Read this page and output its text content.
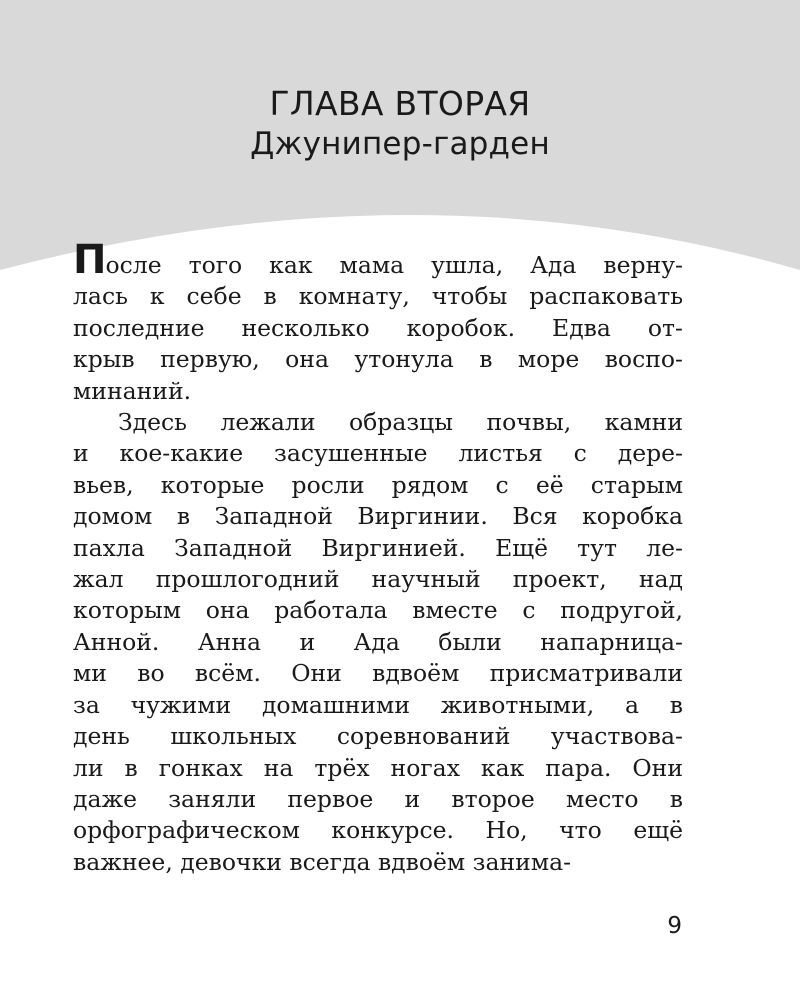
ГЛАВА ВТОРАЯ
Джунипер-гарден

После того как мама ушла, Ада верну-
лась к себе в комнату, чтобы распаковать
последние несколько коробок. Едва от-
крыв первую, она утонула в море воспо-
минаний.

Здесь лежали образцы почвы, камни
и кое-какие засушенные листья с дере-
вьев, которые росли рядом с её старым
домом в Западной Виргинии. Вся коробка
пахла Западной Виргинией. Ещё тут ле-
жал прошлогодний научный проект, над
которым она работала вместе с подругой,
Анной. Анна и Ада были напарница-
ми во всём. Они вдвоём присматривали
за чужими домашними животными, а в
день школьных соревнований участвова-
ли в гонках на трёх ногах как пара. Они
даже заняли первое и второе место в
орфографическом конкурсе. Но, что ещё
важнее, девочки всегда вдвоём занима-

9
